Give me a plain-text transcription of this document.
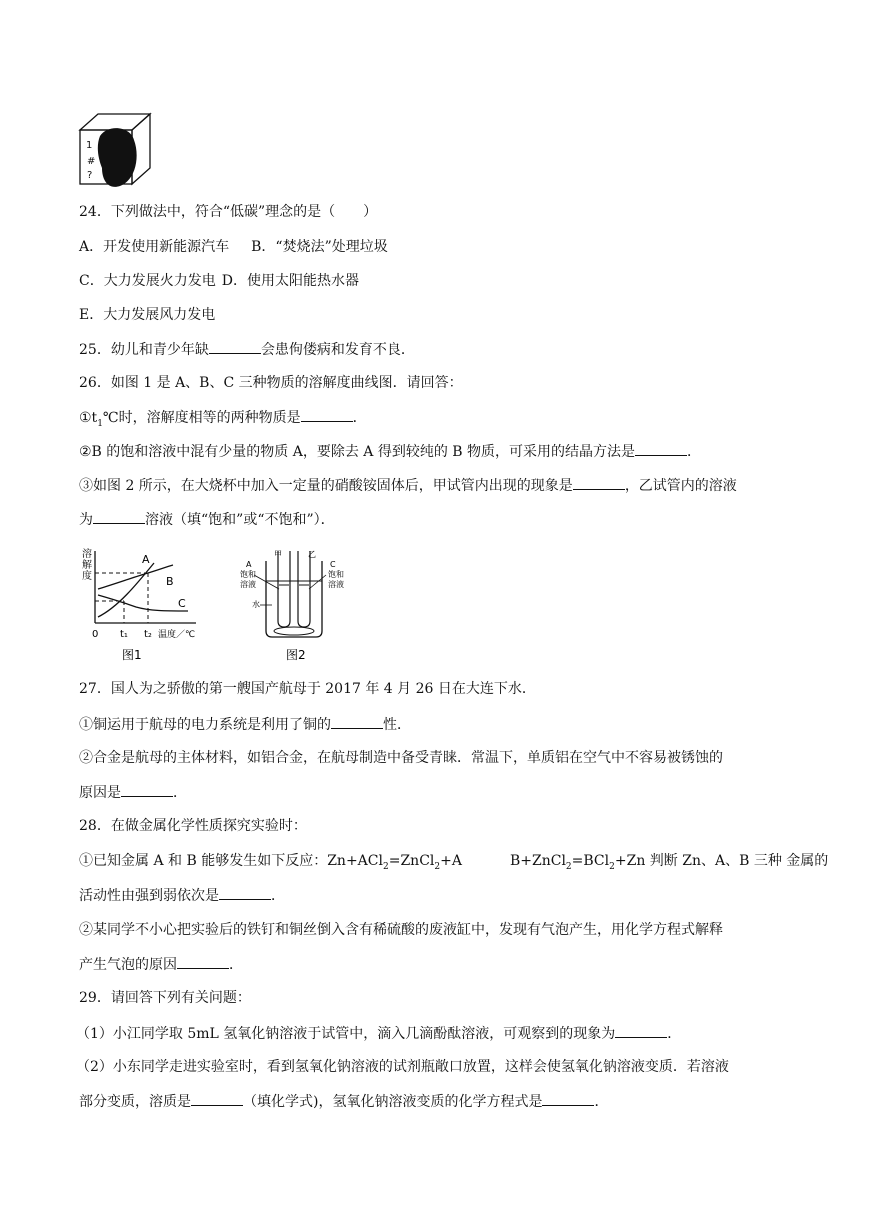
1
#
?
24．下列做法中，符合“低碳”理念的是（　　）
A．开发使用新能源汽车 B．“焚烧法”处理垃圾
C．大力发展火力发电 D．使用太阳能热水器
E．大力发展风力发电
25．幼儿和青少年缺	会患佝偻病和发育不良．
26．如图 1 是 A、B、C 三种物质的溶解度曲线图．请回答：
$①t_1℃$时，溶解度相等的两种物质是	．
②B 的饱和溶液中混有少量的物质 A，要除去 A 得到较纯的 B 物质，可采用的结晶方法是	．
③如图 2 所示，在大烧杯中加入一定量的硝酸铵固体后，甲试管内出现的现象是	，乙试管内的溶液
为	溶液（填“饱和”或“不饱和”）．
溶
解
度
A
B
C
0 t₁ t₂ 温度／℃
图1
甲	乙
A
饱和
溶液
C
饱和
溶液
水
图2
27．国人为之骄傲的第一艘国产航母于 2017 年 4 月 26 日在大连下水．
①铜运用于航母的电力系统是利用了铜的	性．
②合金是航母的主体材料，如铝合金，在航母制造中备受青睐．常温下，单质铝在空气中不容易被锈蚀的
原因是	．
28．在做金属化学性质探究实验时：
①已知金属 A 和 B 能够发生如下反应：Zn+ACl$_2$=ZnCl$_2$+A	B+ZnCl$_2$=BCl$_2$+Zn 判断 Zn、A、B 三种 金属的
活动性由强到弱依次是	．
②某同学不小心把实验后的铁钉和铜丝倒入含有稀硫酸的废液缸中，发现有气泡产生，用化学方程式解释
产生气泡的原因	．
29．请回答下列有关问题：
（1）小江同学取 5mL 氢氧化钠溶液于试管中，滴入几滴酚酞溶液，可观察到的现象为	．
（2）小东同学走进实验室时，看到氢氧化钠溶液的试剂瓶敞口放置，这样会使氢氧化钠溶液变质．若溶液
部分变质，溶质是	（填化学式)，氢氧化钠溶液变质的化学方程式是	．
